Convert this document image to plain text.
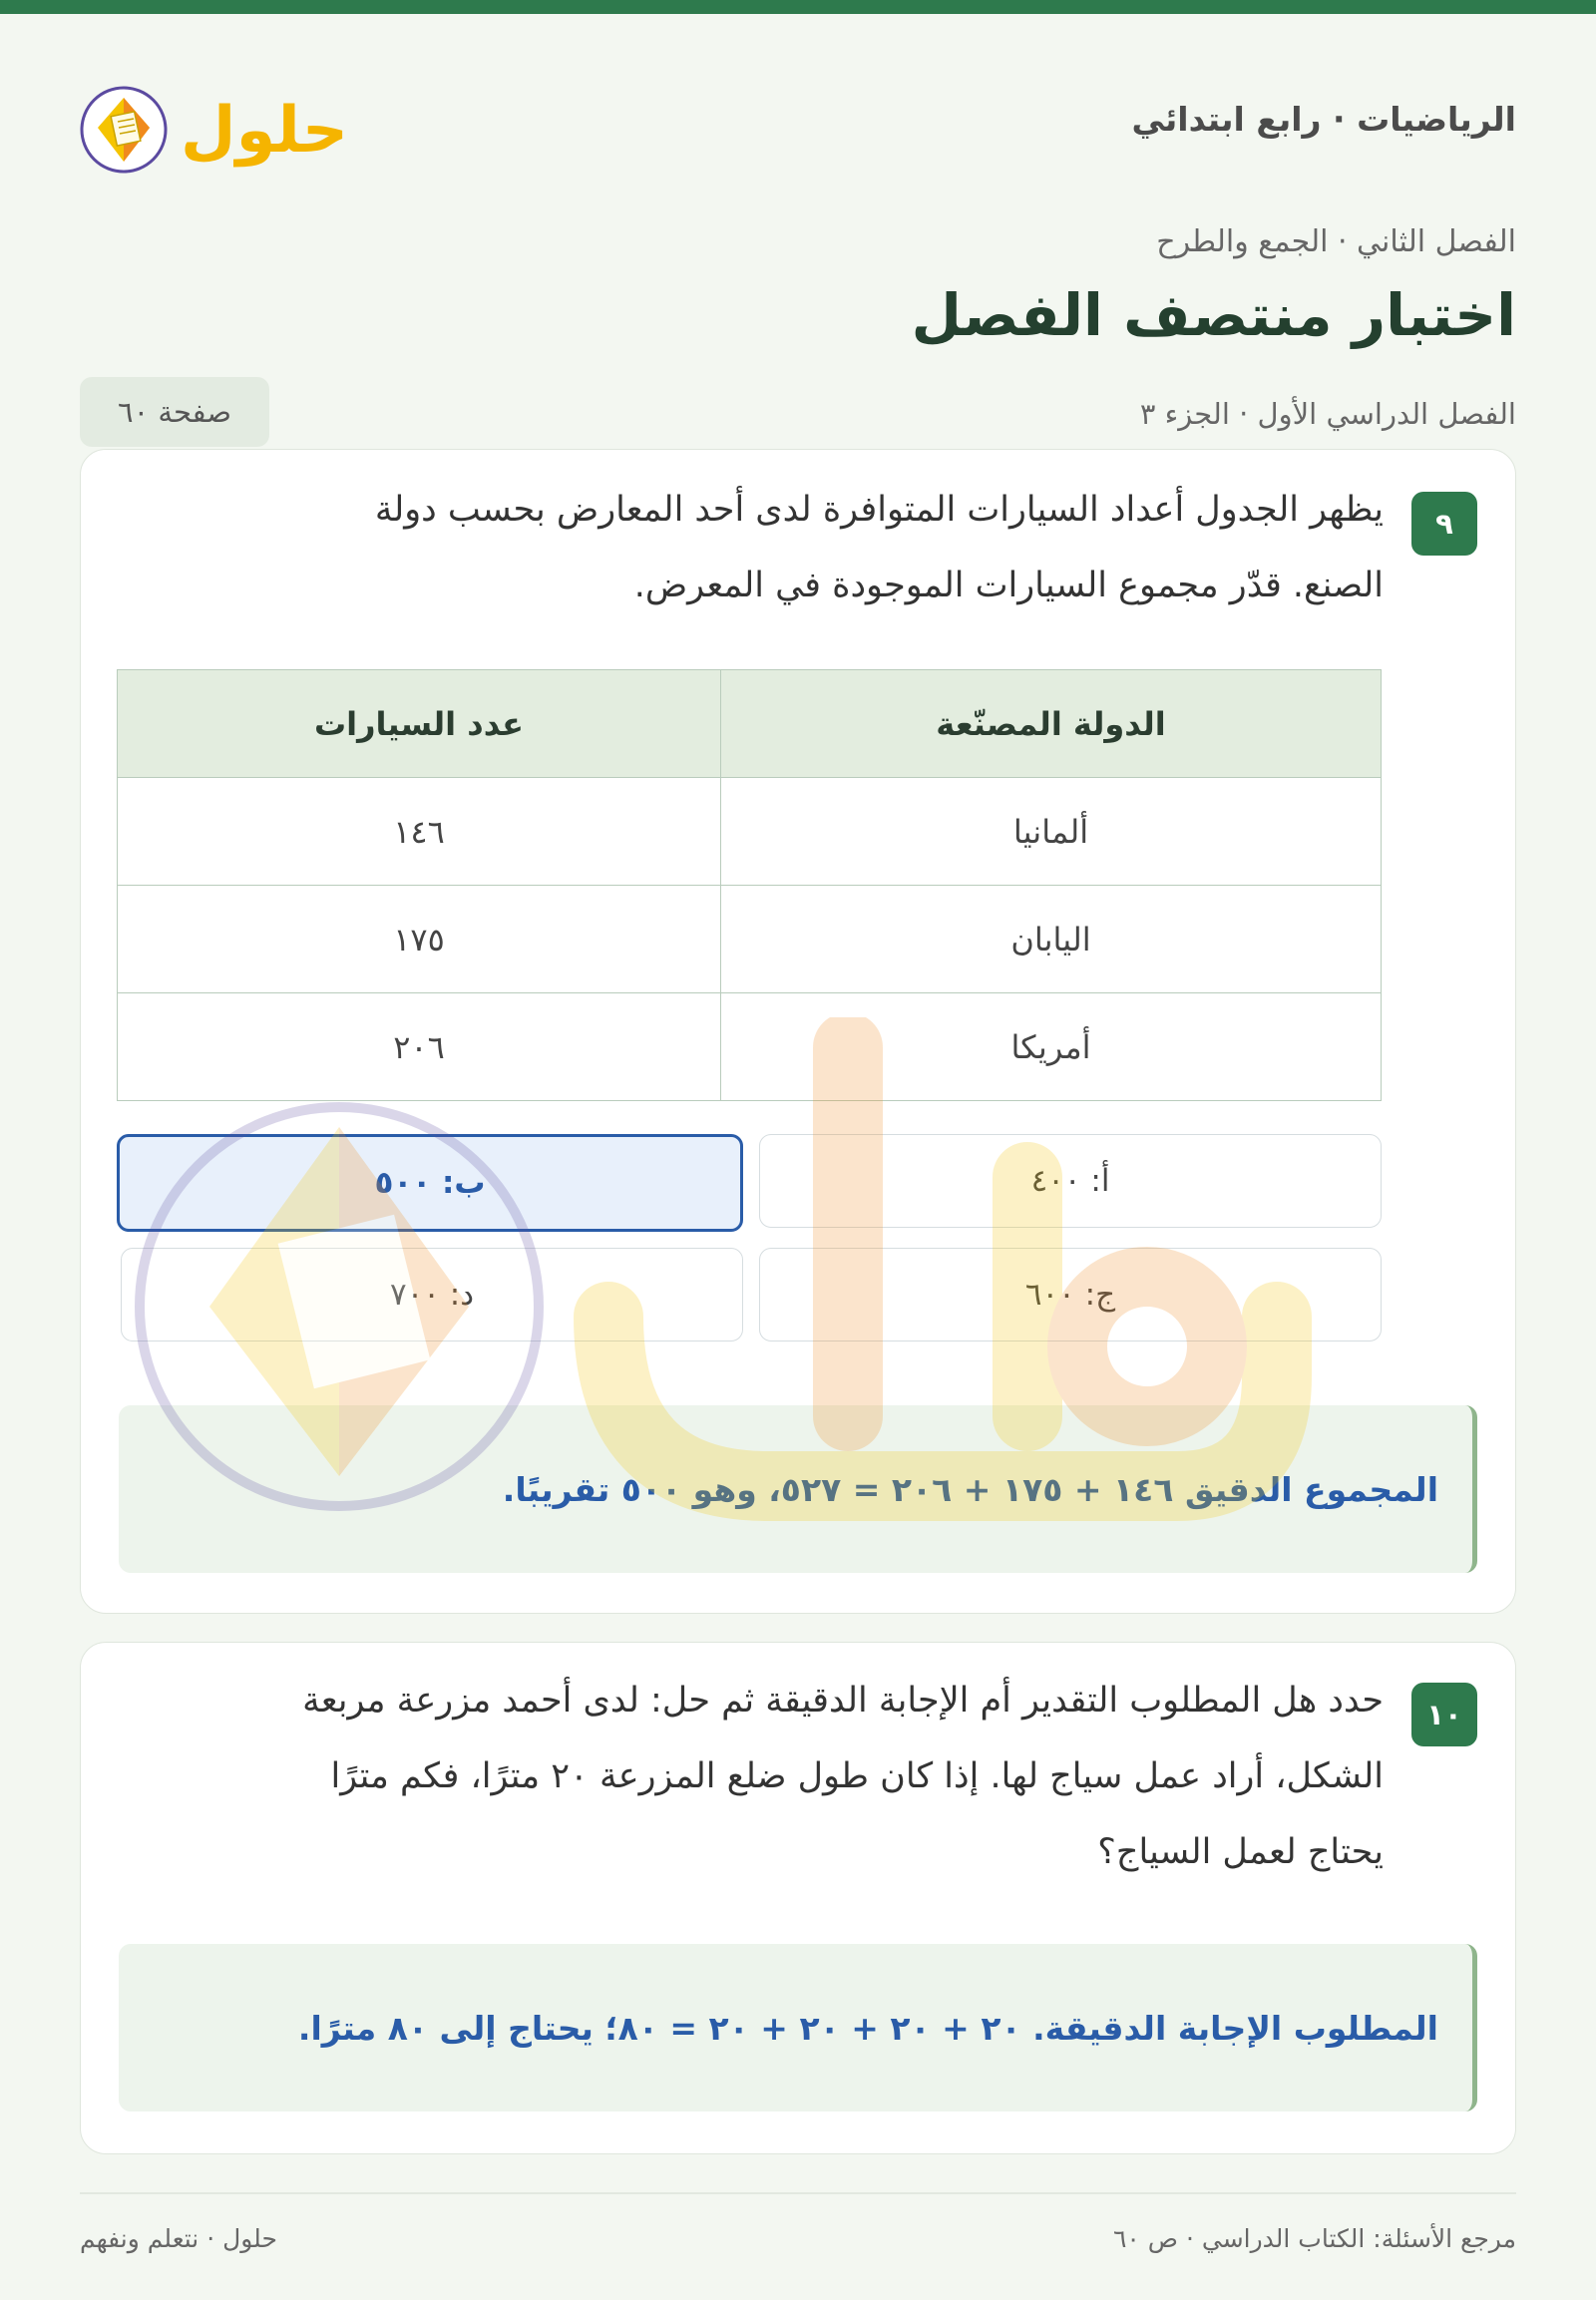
الرياضيات · رابع ابتدائي
حلول
الفصل الثاني · الجمع والطرح
اختبار منتصف الفصل
الفصل الدراسي الأول · الجزء ٣
صفحة ٦٠
٩

يظهر الجدول أعداد السيارات المتوافرة لدى أحد المعارض بحسب دولة
الصنع. قدّر مجموع السيارات الموجودة في المعرض.

الدولة المصنّعة	عدد السيارات
ألمانيا	١٤٦
اليابان	١٧٥
أمريكا	٢٠٦
أ: ٤٠٠
ب: ٥٠٠
ج: ٦٠٠
د: ٧٠٠
المجموع الدقيق ١٤٦ + ١٧٥ + ٢٠٦ = ٥٢٧، وهو ٥٠٠ تقريبًا.
١٠

حدد هل المطلوب التقدير أم الإجابة الدقيقة ثم حل: لدى أحمد مزرعة مربعة
الشكل، أراد عمل سياج لها. إذا كان طول ضلع المزرعة ٢٠ مترًا، فكم مترًا
يحتاج لعمل السياج؟

المطلوب الإجابة الدقيقة. ٢٠ + ٢٠ + ٢٠ + ٢٠ = ٨٠؛ يحتاج إلى ٨٠ مترًا.
مرجع الأسئلة: الكتاب الدراسي · ص ٦٠
حلول · نتعلم ونفهم
